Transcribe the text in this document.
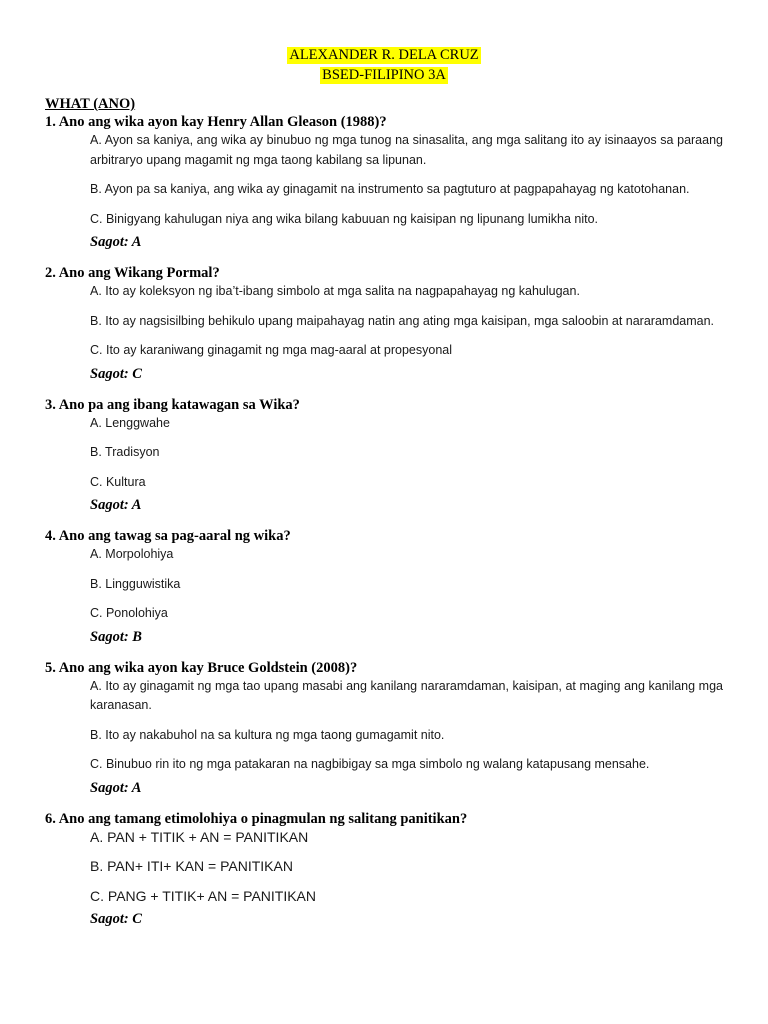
ALEXANDER R. DELA CRUZ
BSED-FILIPINO 3A

WHAT (ANO)

1. Ano ang wika ayon kay Henry Allan Gleason (1988)?

A. Ayon sa kaniya, ang wika ay binubuo ng mga tunog na sinasalita, ang mga salitang ito ay isinaayos sa paraang arbitraryo upang magamit ng mga taong kabilang sa lipunan.

B. Ayon pa sa kaniya, ang wika ay ginagamit na instrumento sa pagtuturo at pagpapahayag ng katotohanan.

C. Binigyang kahulugan niya ang wika bilang kabuuan ng kaisipan ng lipunang lumikha nito.

Sagot: A

2. Ano ang Wikang Pormal?

A. Ito ay koleksyon ng iba’t-ibang simbolo at mga salita na nagpapahayag ng kahulugan.

B. Ito ay nagsisilbing behikulo upang maipahayag natin ang ating mga kaisipan, mga saloobin at nararamdaman.

C. Ito ay karaniwang ginagamit ng mga mag-aaral at propesyonal

Sagot: C

3. Ano pa ang ibang katawagan sa Wika?

A. Lenggwahe

B. Tradisyon

C. Kultura

Sagot: A

4. Ano ang tawag sa pag-aaral ng wika?

A. Morpolohiya

B. Lingguwistika

C. Ponolohiya

Sagot: B

5. Ano ang wika ayon kay Bruce Goldstein (2008)?

A. Ito ay ginagamit ng mga tao upang masabi ang kanilang nararamdaman, kaisipan, at maging ang kanilang mga karanasan.

B. Ito ay nakabuhol na sa kultura ng mga taong gumagamit nito.

C. Binubuo rin ito ng mga patakaran na nagbibigay sa mga simbolo ng walang katapusang mensahe.

Sagot: A

6. Ano ang tamang etimolohiya o pinagmulan ng salitang panitikan?

A. PAN + TITIK + AN = PANITIKAN

B. PAN+ ITI+ KAN = PANITIKAN

C. PANG + TITIK+ AN = PANITIKAN

Sagot: C
